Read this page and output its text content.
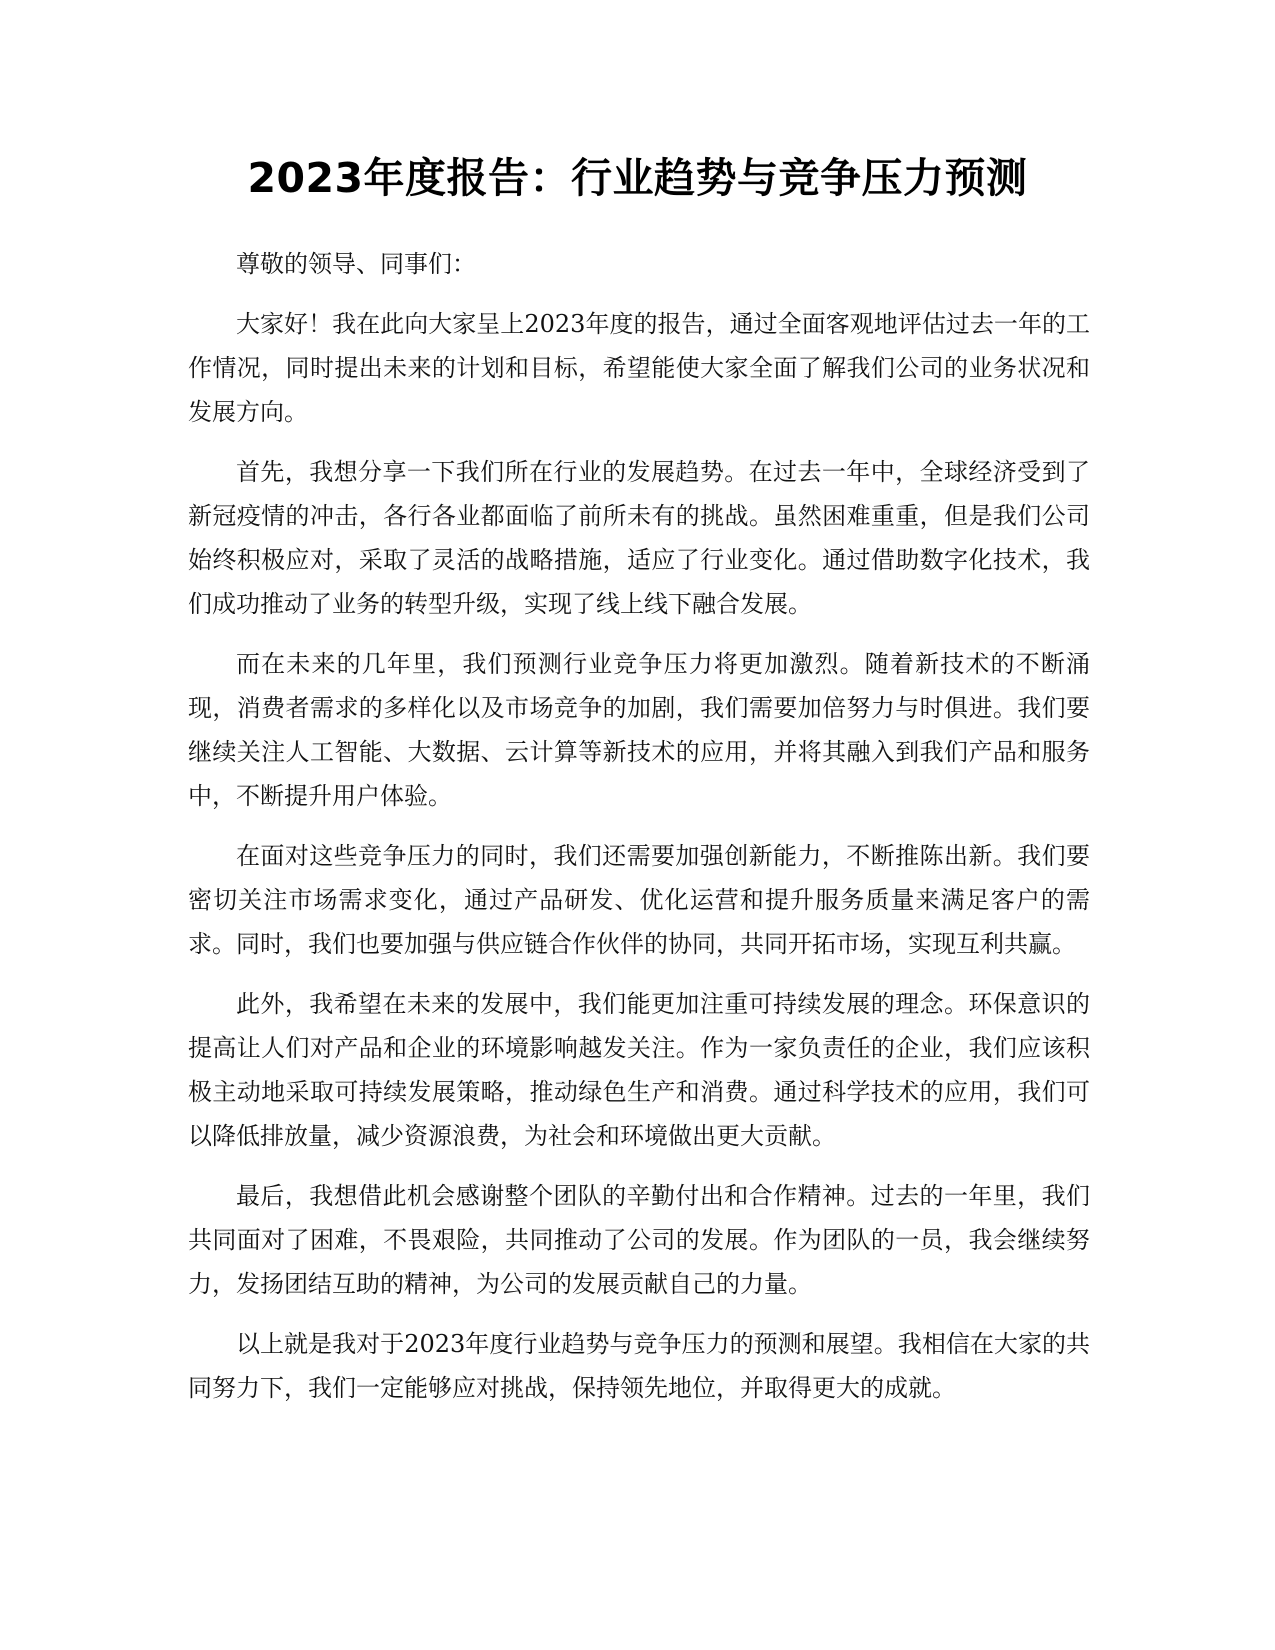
2023年度报告：行业趋势与竞争压力预测

尊敬的领导、同事们：

大家好！我在此向大家呈上2023年度的报告，通过全面客观地评估过去一年的工作情况，同时提出未来的计划和目标，希望能使大家全面了解我们公司的业务状况和发展方向。

首先，我想分享一下我们所在行业的发展趋势。在过去一年中，全球经济受到了新冠疫情的冲击，各行各业都面临了前所未有的挑战。虽然困难重重，但是我们公司始终积极应对，采取了灵活的战略措施，适应了行业变化。通过借助数字化技术，我们成功推动了业务的转型升级，实现了线上线下融合发展。

而在未来的几年里，我们预测行业竞争压力将更加激烈。随着新技术的不断涌现，消费者需求的多样化以及市场竞争的加剧，我们需要加倍努力与时俱进。我们要继续关注人工智能、大数据、云计算等新技术的应用，并将其融入到我们产品和服务中，不断提升用户体验。

在面对这些竞争压力的同时，我们还需要加强创新能力，不断推陈出新。我们要密切关注市场需求变化，通过产品研发、优化运营和提升服务质量来满足客户的需求。同时，我们也要加强与供应链合作伙伴的协同，共同开拓市场，实现互利共赢。

此外，我希望在未来的发展中，我们能更加注重可持续发展的理念。环保意识的提高让人们对产品和企业的环境影响越发关注。作为一家负责任的企业，我们应该积极主动地采取可持续发展策略，推动绿色生产和消费。通过科学技术的应用，我们可以降低排放量，减少资源浪费，为社会和环境做出更大贡献。

最后，我想借此机会感谢整个团队的辛勤付出和合作精神。过去的一年里，我们共同面对了困难，不畏艰险，共同推动了公司的发展。作为团队的一员，我会继续努力，发扬团结互助的精神，为公司的发展贡献自己的力量。

以上就是我对于2023年度行业趋势与竞争压力的预测和展望。我相信在大家的共同努力下，我们一定能够应对挑战，保持领先地位，并取得更大的成就。
